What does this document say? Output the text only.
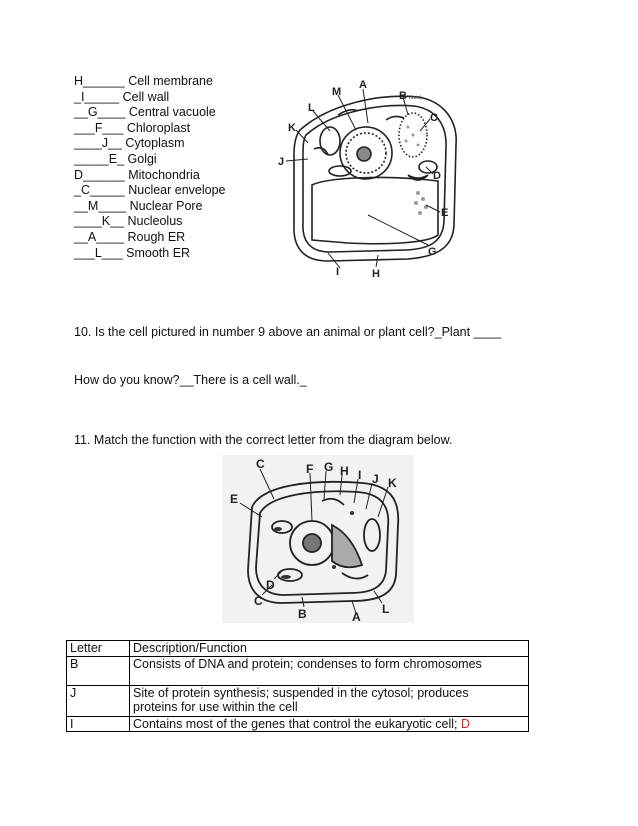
H______ Cell membrane
_I_____ Cell wall
__G____ Central vacuole
___F___ Chloroplast
____J__ Cytoplasm
_____E_ Golgi
D______ Mitochondria
_C_____ Nuclear envelope
__M____ Nuclear Pore
____K__ Nucleolus
__A____ Rough ER
___L___ Smooth ER
M
A
B
L
C
K
J
D
E
G
I	H
(dots)

10. Is the cell pictured in number 9 above an animal or plant cell?_Plant ____

How do you know?__There is a cell wall._

11. Match the function with the correct letter from the diagram below.
C	F G H I J K
E
D
C
B	A
L
Letter	Description/Function
B	Consists of DNA and protein; condenses to form chromosomes
J	Site of protein synthesis; suspended in the cytosol; produces
proteins for use within the cell

I	Contains most of the genes that control the eukaryotic cell; D
